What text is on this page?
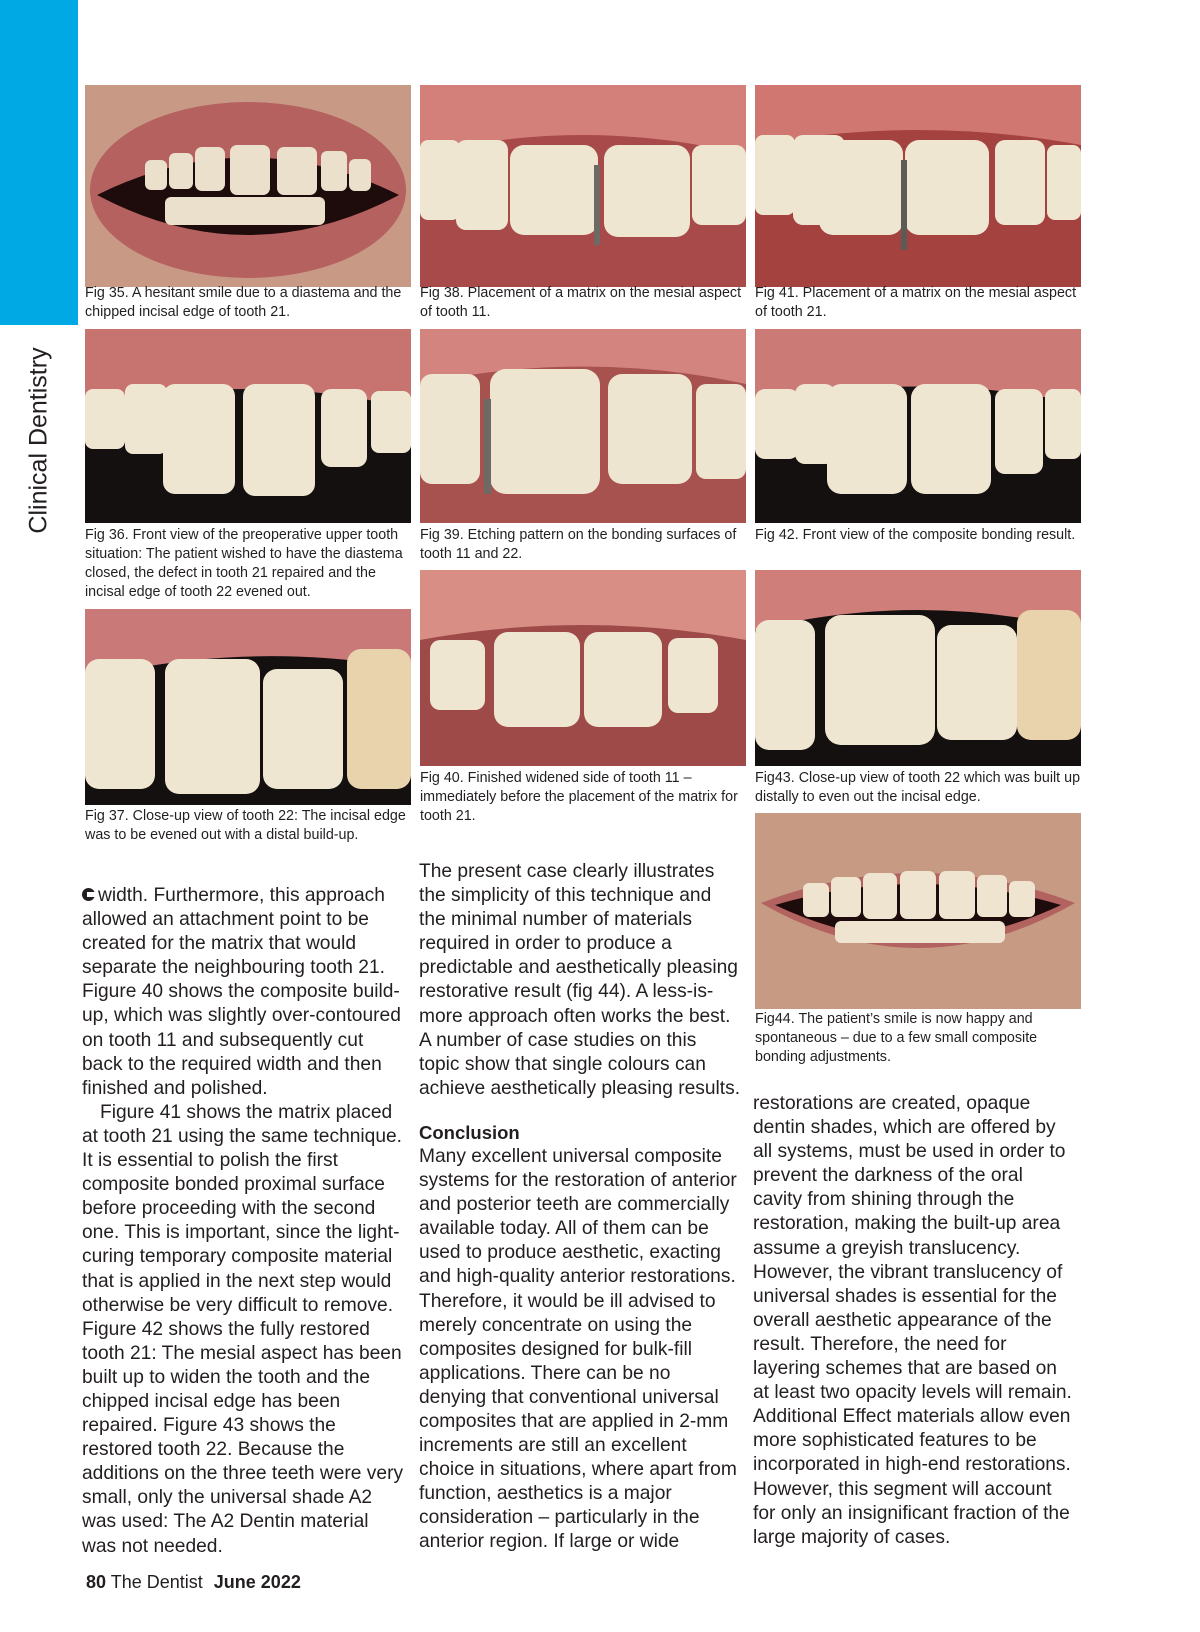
Clinical Dentistry
Fig 35. A hesitant smile due to a diastema and the chipped incisal edge of tooth 21.
Fig 36. Front view of the preoperative upper tooth situation: The patient wished to have the diastema closed, the defect in tooth 21 repaired and the incisal edge of tooth 22 evened out.
Fig 37. Close-up view of tooth 22: The incisal edge was to be evened out with a distal build-up.
Fig 38. Placement of a matrix on the mesial aspect of tooth 11.
Fig 39. Etching pattern on the bonding surfaces of tooth 11 and 22.
Fig 40. Finished widened side of tooth 11 – immediately before the placement of the matrix for tooth 21.
Fig 41. Placement of a matrix on the mesial aspect of tooth 21.
Fig 42. Front view of the composite bonding result.
Fig43. Close-up view of tooth 22 which was built up distally to even out the incisal edge.
Fig44. The patient’s smile is now happy and spontaneous – due to a few small composite bonding adjustments.

width. Furthermore, this approach allowed an attachment point to be created for the matrix that would separate the neighbouring tooth 21. Figure 40 shows the composite build-up, which was slightly over-contoured on tooth 11 and subsequently cut back to the required width and then finished and polished.

Figure 41 shows the matrix placed at tooth 21 using the same technique. It is essential to polish the first composite bonded proximal surface before proceeding with the second one. This is important, since the light-curing temporary composite material that is applied in the next step would otherwise be very difficult to remove. Figure 42 shows the fully restored tooth 21: The mesial aspect has been built up to widen the tooth and the chipped incisal edge has been repaired. Figure 43 shows the restored tooth 22. Because the additions on the three teeth were very small, only the universal shade A2 was used: The A2 Dentin material was not needed.

The present case clearly illustrates the simplicity of this technique and the minimal number of materials required in order to produce a predictable and aesthetically pleasing restorative result (fig 44). A less-is-more approach often works the best. A number of case studies on this topic show that single colours can achieve aesthetically pleasing results.

Conclusion

Many excellent universal composite systems for the restoration of anterior and posterior teeth are commercially available today. All of them can be used to produce aesthetic, exacting and high-quality anterior restorations. Therefore, it would be ill advised to merely concentrate on using the composites designed for bulk-fill applications. There can be no denying that conventional universal composites that are applied in 2-mm increments are still an excellent choice in situations, where apart from function, aesthetics is a major consideration – particularly in the anterior region. If large or wide

restorations are created, opaque dentin shades, which are offered by all systems, must be used in order to prevent the darkness of the oral cavity from shining through the restoration, making the built-up area assume a greyish translucency. However, the vibrant translucency of universal shades is essential for the overall aesthetic appearance of the result. Therefore, the need for layering schemes that are based on at least two opacity levels will remain. Additional Effect materials allow even more sophisticated features to be incorporated in high-end restorations. However, this segment will account for only an insignificant fraction of the large majority of cases.

80 The Dentist June 2022
